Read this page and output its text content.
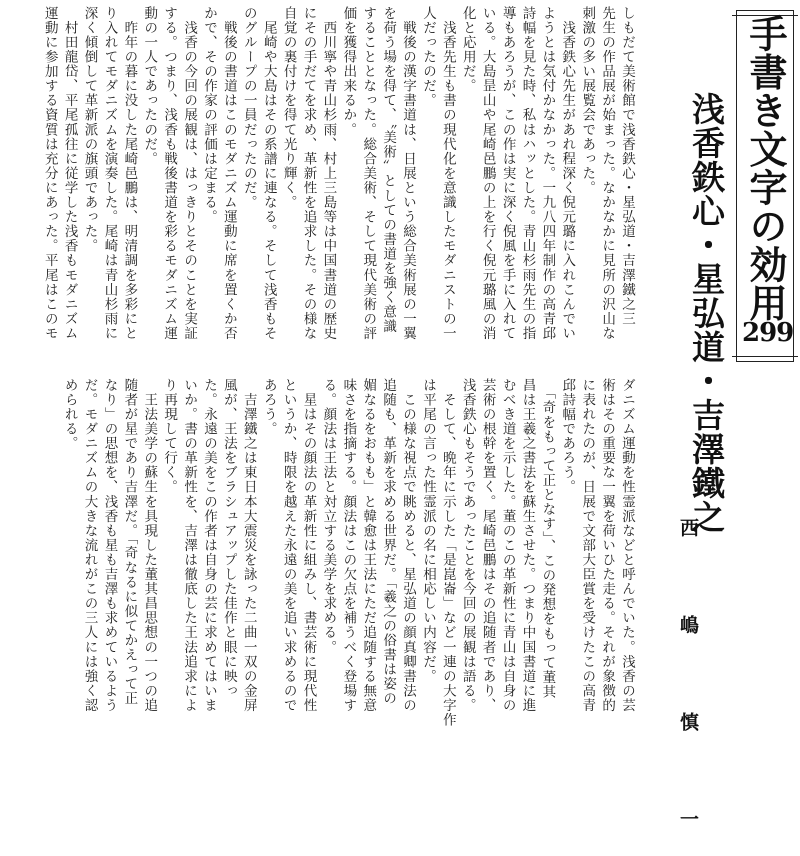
手書き文字の効用
299
浅香鉄心・星弘道・吉澤鐵之
西 嶋 慎 一
しもだて美術館で浅香鉄心・星弘道・吉澤鐵之三
先生の作品展が始まった。なかなかに見所の沢山な
刺激の多い展覧会であった。
　浅香鉄心先生があれ程深く倪元璐に入れこんでい
ようとは気付かなかった。一九八四年制作の高青邱
詩幅を見た時、私はハッとした。青山杉雨先生の指
導もあろうが、この作は実に深く倪風を手に入れて
いる。大島昰山や尾崎邑鵬の上を行く倪元璐風の消
化と応用だ。
　浅香先生も書の現代化を意識したモダニストの一
人だったのだ。
　戦後の漢字書道は、日展という総合美術展の一翼
を荷う場を得て、〝美術〟としての書道を強く意識
することとなった。総合美術、そして現代美術の評
価を獲得出来るか。
　西川寧や青山杉雨、村上三島等は中国書道の歴史
にその手だてを求め、革新性を追求した。その様な
自覚の裏付けを得て光り輝く。
　尾崎や大島はその系譜に連なる。そして浅香もそ
のグループの一員だったのだ。
　戦後の書道はこのモダニズム運動に席を置くか否
かで、その作家の評価は定まる。
　浅香の今回の展観は、はっきりとそのことを実証
する。つまり、浅香も戦後書道を彩るモダニズム運
動の一人であったのだ。
　昨年の暮に没した尾崎邑鵬は、明清調を多彩にと
り入れてモダニズムを演奏した。尾崎は青山杉雨に
深く傾倒して革新派の旗頭であった。
　村田龍岱、平尾孤往に従学した浅香もモダニズム
運動に参加する資質は充分にあった。平尾はこのモ
ダニズム運動を性霊派などと呼んでいた。浅香の芸
術はその重要な一翼を荷いひた走る。それが象徴的
に表れたのが、日展で文部大臣賞を受けたこの高青
邱詩幅であろう。
　「奇をもって正となす」、この発想をもって董其
昌は王羲之書法を蘇生させた。つまり中国書道に進
むべき道を示した。董のこの革新性に青山は自身の
芸術の根幹を置く。尾崎邑鵬はその追随者であり、
浅香鉄心もそうであったことを今回の展観は語る。
　そして、晩年に示した「是崑崙」など一連の大字作
は平尾の言った性霊派の名に相応しい内容だ。
　この様な視点で眺めると、星弘道の顔真卿書法の
追随も、革新を求める世界だ。「羲之の俗書は姿の
媚なるをおもも」と韓愈は王法にただ追随する無意
味さを指摘する。顔法はこの欠点を補うべく登場す
る。顔法は王法と対立する美学を求める。
　星はその顔法の革新性に組みし、書芸術に現代性
というか、時限を越えた永遠の美を追い求めるので
あろう。
　吉澤鐵之は東日本大震災を詠った二曲一双の金屏
風が、王法をブラシュアップした佳作と眼に映っ
た。永遠の美をこの作者は自身の芸に求めてはいま
いか。書の革新性を、吉澤は徹底した王法追求によ
り再現して行く。
　王法美学の蘇生を具現した董其昌思想の一つの追
随者が星であり吉澤だ。「奇なるに似てかえって正
なり」の思想を、浅香も星も吉澤も求めているよう
だ。モダニズムの大きな流れがこの三人には強く認
められる。
